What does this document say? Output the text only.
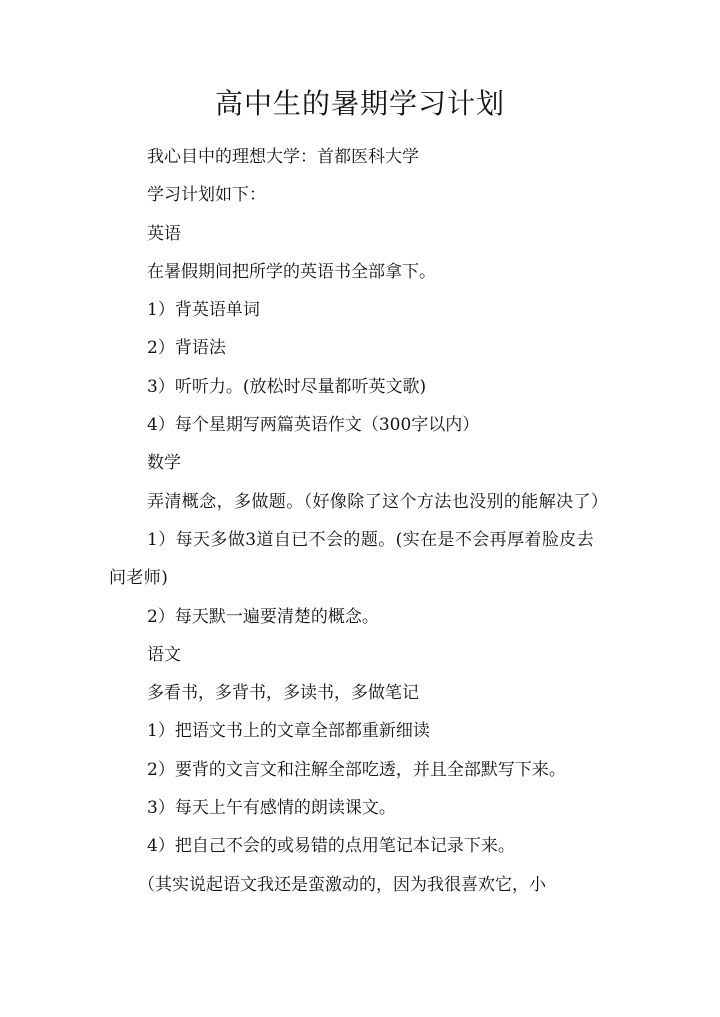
高中生的暑期学习计划

我心目中的理想大学：首都医科大学

学习计划如下：

英语

在暑假期间把所学的英语书全部拿下。

1）背英语单词

2）背语法

3）听听力。(放松时尽量都听英文歌)

4）每个星期写两篇英语作文（300字以内）

数学

弄清概念，多做题。（好像除了这个方法也没别的能解决了）

1）每天多做3道自已不会的题。(实在是不会再厚着脸皮去问老师)

2）每天默一遍要清楚的概念。

语文

多看书，多背书，多读书，多做笔记

1）把语文书上的文章全部都重新细读

2）要背的文言文和注解全部吃透，并且全部默写下来。

3）每天上午有感情的朗读课文。

4）把自己不会的或易错的点用笔记本记录下来。

（其实说起语文我还是蛮激动的，因为我很喜欢它，小
